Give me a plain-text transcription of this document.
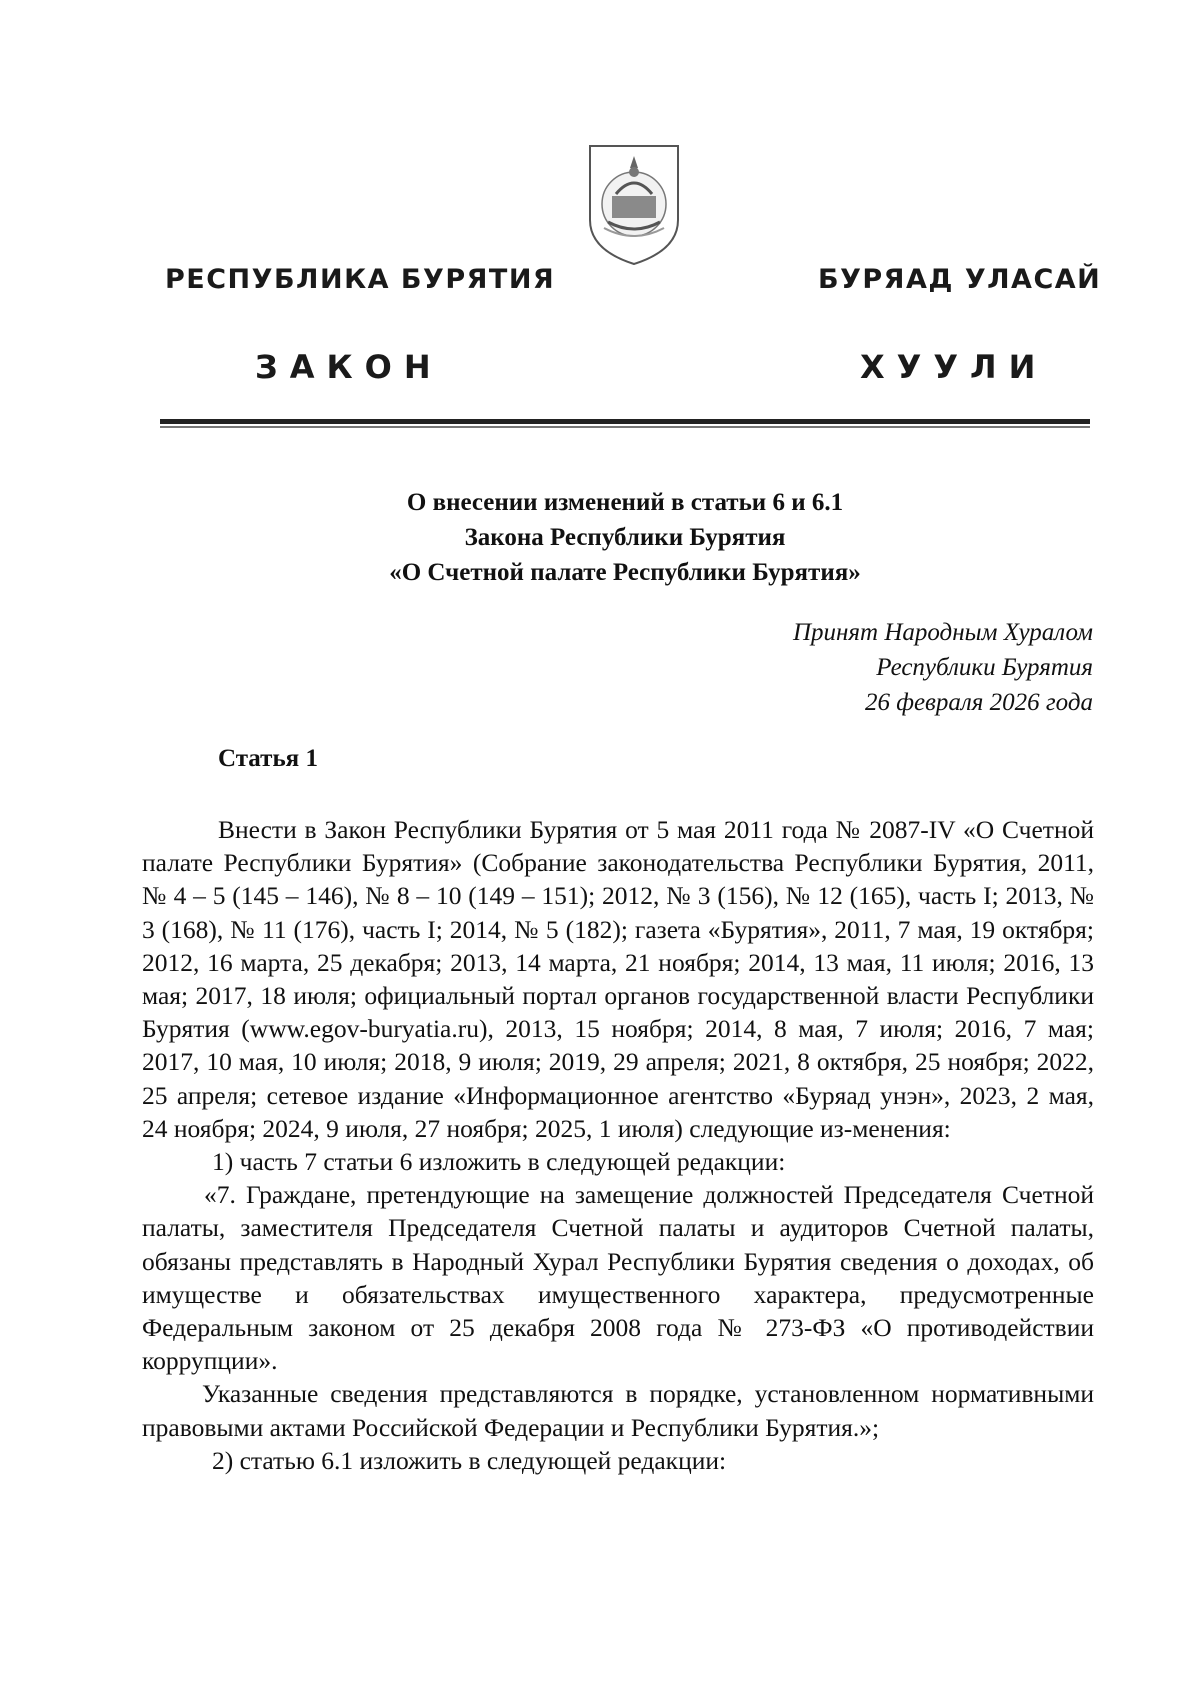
РЕСПУБЛИКА БУРЯТИЯ	БУРЯАД УЛАСАЙ
ЗАКОН	ХУУЛИ
О внесении изменений в статьи 6 и 6.1
Закона Республики Бурятия
«О Счетной палате Республики Бурятия»
Принят Народным Хуралом
Республики Бурятия
26 февраля 2026 года
Статья 1

Внести в Закон Республики Бурятия от 5 мая 2011 года № 2087-IV «О Счетной палате Республики Бурятия» (Собрание законодательства Республики Бурятия, 2011, № 4 – 5 (145 – 146), № 8 – 10 (149 – 151); 2012, № 3 (156), № 12 (165), часть I; 2013, № 3 (168), № 11 (176), часть I; 2014, № 5 (182); газета «Бурятия», 2011, 7 мая, 19 октября; 2012, 16 марта, 25 декабря; 2013, 14 марта, 21 ноября; 2014, 13 мая, 11 июля; 2016, 13 мая; 2017, 18 июля; официальный портал органов государственной власти Республики Бурятия (www.egov-buryatia.ru), 2013, 15 ноября; 2014, 8 мая, 7 июля; 2016, 7 мая; 2017, 10 мая, 10 июля; 2018, 9 июля; 2019, 29 апреля; 2021, 8 октября, 25 ноября; 2022, 25 апреля; сетевое издание «Информационное агентство «Буряад унэн», 2023, 2 мая, 24 ноября; 2024, 9 июля, 27 ноября; 2025, 1 июля) следующие из-менения:

1) часть 7 статьи 6 изложить в следующей редакции:

«7. Граждане, претендующие на замещение должностей Председателя Счетной палаты, заместителя Председателя Счетной палаты и аудиторов Счетной палаты, обязаны представлять в Народный Хурал Республики Бурятия сведения о доходах, об имуществе и обязательствах имущественного характера, предусмотренные Федеральным законом от 25 декабря 2008 года № 273-ФЗ «О противодействии коррупции».

Указанные сведения представляются в порядке, установленном нормативными правовыми актами Российской Федерации и Республики Бурятия.»;

2) статью 6.1 изложить в следующей редакции:
